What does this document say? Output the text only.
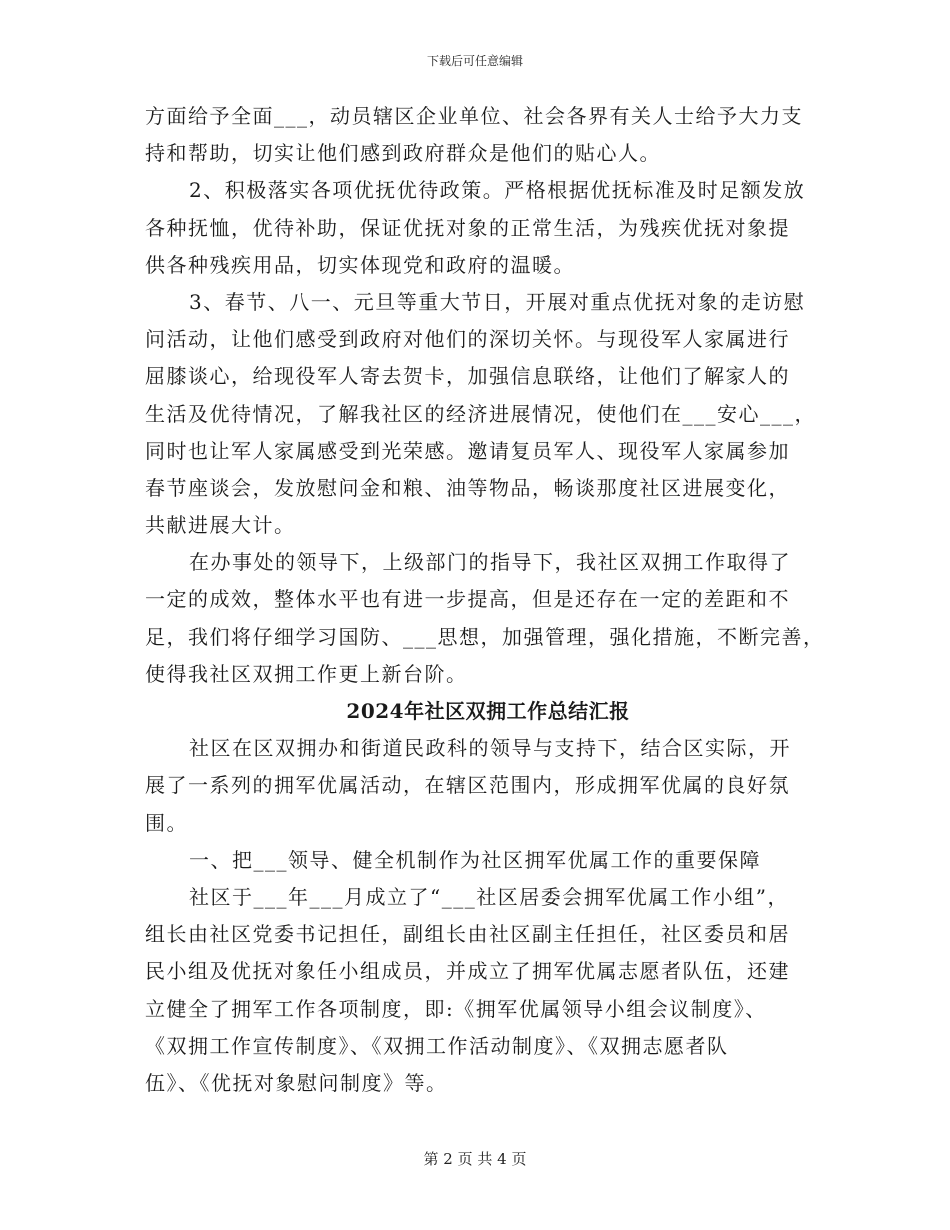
下载后可任意编辑
方面给予全面___，动员辖区企业单位、社会各界有关人士给予大力支
持和帮助，切实让他们感到政府群众是他们的贴心人。
2、积极落实各项优抚优待政策。严格根据优抚标准及时足额发放
各种抚恤，优待补助，保证优抚对象的正常生活，为残疾优抚对象提
供各种残疾用品，切实体现党和政府的温暖。
3、春节、八一、元旦等重大节日，开展对重点优抚对象的走访慰
问活动，让他们感受到政府对他们的深切关怀。与现役军人家属进行
屈膝谈心，给现役军人寄去贺卡，加强信息联络，让他们了解家人的
生活及优待情况，了解我社区的经济进展情况，使他们在___安心___，
同时也让军人家属感受到光荣感。邀请复员军人、现役军人家属参加
春节座谈会，发放慰问金和粮、油等物品，畅谈那度社区进展变化，
共献进展大计。
在办事处的领导下，上级部门的指导下，我社区双拥工作取得了
一定的成效，整体水平也有进一步提高，但是还存在一定的差距和不
足，我们将仔细学习国防、___思想，加强管理，强化措施，不断完善，
使得我社区双拥工作更上新台阶。
2024年社区双拥工作总结汇报
社区在区双拥办和街道民政科的领导与支持下，结合区实际，开
展了一系列的拥军优属活动，在辖区范围内，形成拥军优属的良好氛
围。
一、把___领导、健全机制作为社区拥军优属工作的重要保障
社区于___年___月成立了“___社区居委会拥军优属工作小组”，
组长由社区党委书记担任，副组长由社区副主任担任，社区委员和居
民小组及优抚对象任小组成员，并成立了拥军优属志愿者队伍，还建
立健全了拥军工作各项制度，即:《拥军优属领导小组会议制度》、
《双拥工作宣传制度》、《双拥工作活动制度》、《双拥志愿者队
伍》、《优抚对象慰问制度》等。
第 2 页 共 4 页
